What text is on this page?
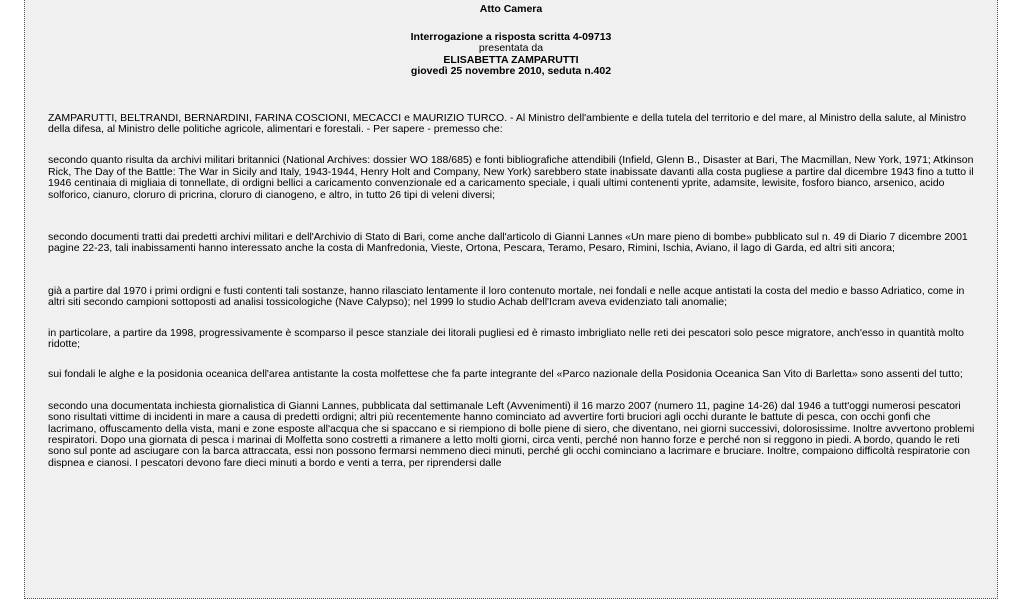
Atto Camera
Interrogazione a risposta scritta 4-09713
presentata da
ELISABETTA ZAMPARUTTI
giovedì 25 novembre 2010, seduta n.402

ZAMPARUTTI, BELTRANDI, BERNARDINI, FARINA COSCIONI, MECACCI e MAURIZIO TURCO. - Al Ministro dell'ambiente e della tutela del territorio e del mare, al Ministro della salute, al Ministro della difesa, al Ministro delle politiche agricole, alimentari e forestali. - Per sapere - premesso che:

secondo quanto risulta da archivi militari britannici (National Archives: dossier WO 188/685) e fonti bibliografiche attendibili (Infield, Glenn B., Disaster at Bari, The Macmillan, New York, 1971; Atkinson Rick, The Day of the Battle: The War in Sicily and Italy, 1943-1944, Henry Holt and Company, New York) sarebbero state inabissate davanti alla costa pugliese a partire dal dicembre 1943 fino a tutto il 1946 centinaia di migliaia di tonnellate, di ordigni bellici a caricamento convenzionale ed a caricamento speciale, i quali ultimi contenenti yprite, adamsite, lewisite, fosforo bianco, arsenico, acido solforico, cianuro, cloruro di pricrina, cloruro di cianogeno, e altro, in tutto 26 tipi di veleni diversi;

secondo documenti tratti dai predetti archivi militari e dell'Archivio di Stato di Bari, come anche dall'articolo di Gianni Lannes «Un mare pieno di bombe» pubblicato sul n. 49 di Diario 7 dicembre 2001 pagine 22-23, tali inabissamenti hanno interessato anche la costa di Manfredonia, Vieste, Ortona, Pescara, Teramo, Pesaro, Rimini, Ischia, Aviano, il lago di Garda, ed altri siti ancora;

già a partire dal 1970 i primi ordigni e fusti contenti tali sostanze, hanno rilasciato lentamente il loro contenuto mortale, nei fondali e nelle acque antistati la costa del medio e basso Adriatico, come in altri siti secondo campioni sottoposti ad analisi tossicologiche (Nave Calypso); nel 1999 lo studio Achab dell'Icram aveva evidenziato tali anomalie;

in particolare, a partire da 1998, progressivamente è scomparso il pesce stanziale dei litorali pugliesi ed è rimasto imbrigliato nelle reti dei pescatori solo pesce migratore, anch'esso in quantità molto ridotte;

sui fondali le alghe e la posidonia oceanica dell'area antistante la costa molfettese che fa parte integrante del «Parco nazionale della Posidonia Oceanica San Vito di Barletta» sono assenti del tutto;

secondo una documentata inchiesta giornalistica di Gianni Lannes, pubblicata dal settimanale Left (Avvenimenti) il 16 marzo 2007 (numero 11, pagine 14-26) dal 1946 a tutt'oggi numerosi pescatori sono risultati vittime di incidenti in mare a causa di predetti ordigni; altri più recentemente hanno cominciato ad avvertire forti bruciori agli occhi durante le battute di pesca, con occhi gonfi che lacrimano, offuscamento della vista, mani e zone esposte all'acqua che si spaccano e si riempiono di bolle piene di siero, che diventano, nei giorni successivi, dolorosissime. Inoltre avvertono problemi respiratori. Dopo una giornata di pesca i marinai di Molfetta sono costretti a rimanere a letto molti giorni, circa venti, perché non hanno forze e perché non si reggono in piedi. A bordo, quando le reti sono sul ponte ad asciugare con la barca attraccata, essi non possono fermarsi nemmeno dieci minuti, perché gli occhi cominciano a lacrimare e bruciare. Inoltre, compaiono difficoltà respiratorie con dispnea e cianosi. I pescatori devono fare dieci minuti a bordo e venti a terra, per riprendersi dalle
